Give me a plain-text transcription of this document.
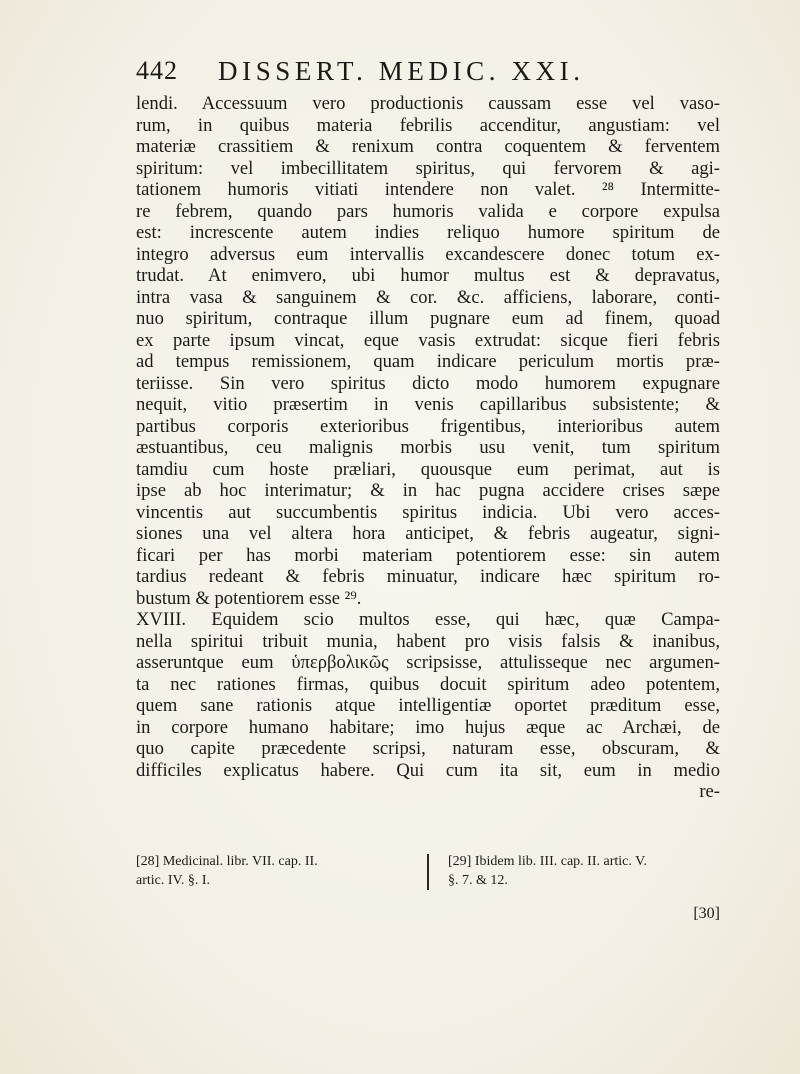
442 DISSERT. MEDIC. XXI.
lendi. Accessuum vero productionis caussam esse vel vaso-
rum, in quibus materia febrilis accenditur, angustiam: vel
materiæ crassitiem & renixum contra coquentem & ferventem
spiritum: vel imbecillitatem spiritus, qui fervorem & agi-
tationem humoris vitiati intendere non valet. ²⁸ Intermitte-
re febrem, quando pars humoris valida e corpore expulsa
est: increscente autem indies reliquo humore spiritum de
integro adversus eum intervallis excandescere donec totum ex-
trudat. At enimvero, ubi humor multus est & depravatus,
intra vasa & sanguinem & cor. &c. afficiens, laborare, conti-
nuo spiritum, contraque illum pugnare eum ad finem, quoad
ex parte ipsum vincat, eque vasis extrudat: sicque fieri febris
ad tempus remissionem, quam indicare periculum mortis præ-
teriisse. Sin vero spiritus dicto modo humorem expugnare
nequit, vitio præsertim in venis capillaribus subsistente; &
partibus corporis exterioribus frigentibus, interioribus autem
æstuantibus, ceu malignis morbis usu venit, tum spiritum
tamdiu cum hoste præliari, quousque eum perimat, aut is
ipse ab hoc interimatur; & in hac pugna accidere crises sæpe
vincentis aut succumbentis spiritus indicia. Ubi vero acces-
siones una vel altera hora anticipet, & febris augeatur, signi-
ficari per has morbi materiam potentiorem esse: sin autem
tardius redeant & febris minuatur, indicare hæc spiritum ro-
bustum & potentiorem esse ²⁹.
XVIII. Equidem scio multos esse, qui hæc, quæ Campa-
nella spiritui tribuit munia, habent pro visis falsis & inanibus,
asseruntque eum ὑπερβολικῶς scripsisse, attulisseque nec argumen-
ta nec rationes firmas, quibus docuit spiritum adeo potentem,
quem sane rationis atque intelligentiæ oportet præditum esse,
in corpore humano habitare; imo hujus æque ac Archæi, de
quo capite præcedente scripsi, naturam esse, obscuram, &
difficiles explicatus habere. Qui cum ita sit, eum in medio
re-
[28] Medicinal. libr. VII. cap. II.
artic. IV. §. I.
[29] Ibidem lib. III. cap. II. artic. V.
§. 7. & 12.
[30]
